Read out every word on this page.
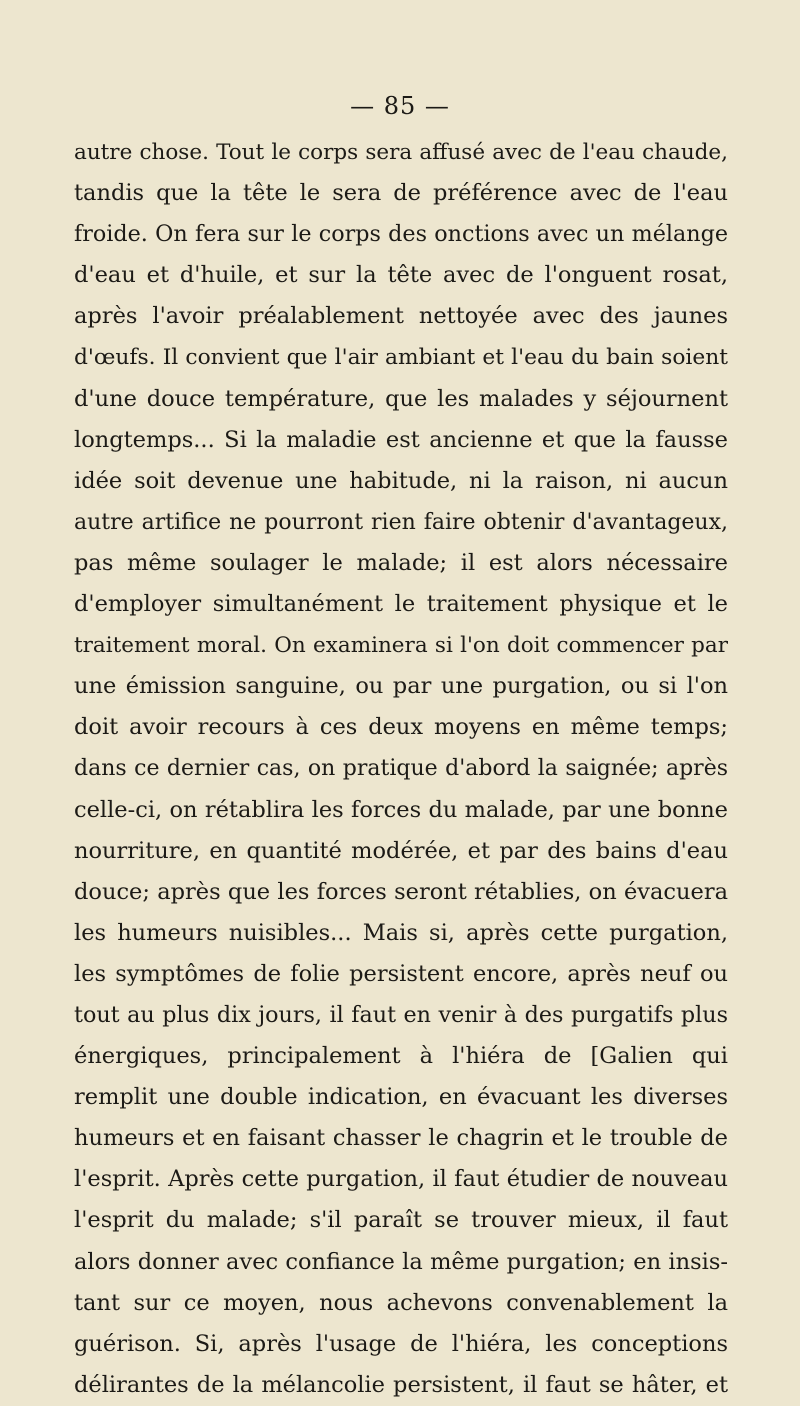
— 85 —
autre chose. Tout le corps sera affusé avec de l'eau chaude,
tandis que la tête le sera de préférence avec de l'eau
froide. On fera sur le corps des onctions avec un mélange
d'eau et d'huile, et sur la tête avec de l'onguent rosat,
après l'avoir préalablement nettoyée avec des jaunes
d'œufs. Il convient que l'air ambiant et l'eau du bain soient
d'une douce température, que les malades y séjournent
longtemps... Si la maladie est ancienne et que la fausse
idée soit devenue une habitude, ni la raison, ni aucun
autre artifice ne pourront rien faire obtenir d'avantageux,
pas même soulager le malade; il est alors nécessaire
d'employer simultanément le traitement physique et le
traitement moral. On examinera si l'on doit commencer par
une émission sanguine, ou par une purgation, ou si l'on
doit avoir recours à ces deux moyens en même temps;
dans ce dernier cas, on pratique d'abord la saignée; après
celle-ci, on rétablira les forces du malade, par une bonne
nourriture, en quantité modérée, et par des bains d'eau
douce; après que les forces seront rétablies, on évacuera
les humeurs nuisibles... Mais si, après cette purgation,
les symptômes de folie persistent encore, après neuf ou
tout au plus dix jours, il faut en venir à des purgatifs plus
énergiques, principalement à l'hiéra de [Galien qui
remplit une double indication, en évacuant les diverses
humeurs et en faisant chasser le chagrin et le trouble de
l'esprit. Après cette purgation, il faut étudier de nouveau
l'esprit du malade; s'il paraît se trouver mieux, il faut
alors donner avec confiance la même purgation; en insis-
tant sur ce moyen, nous achevons convenablement la
guérison. Si, après l'usage de l'hiéra, les conceptions
délirantes de la mélancolie persistent, il faut se hâter, et
